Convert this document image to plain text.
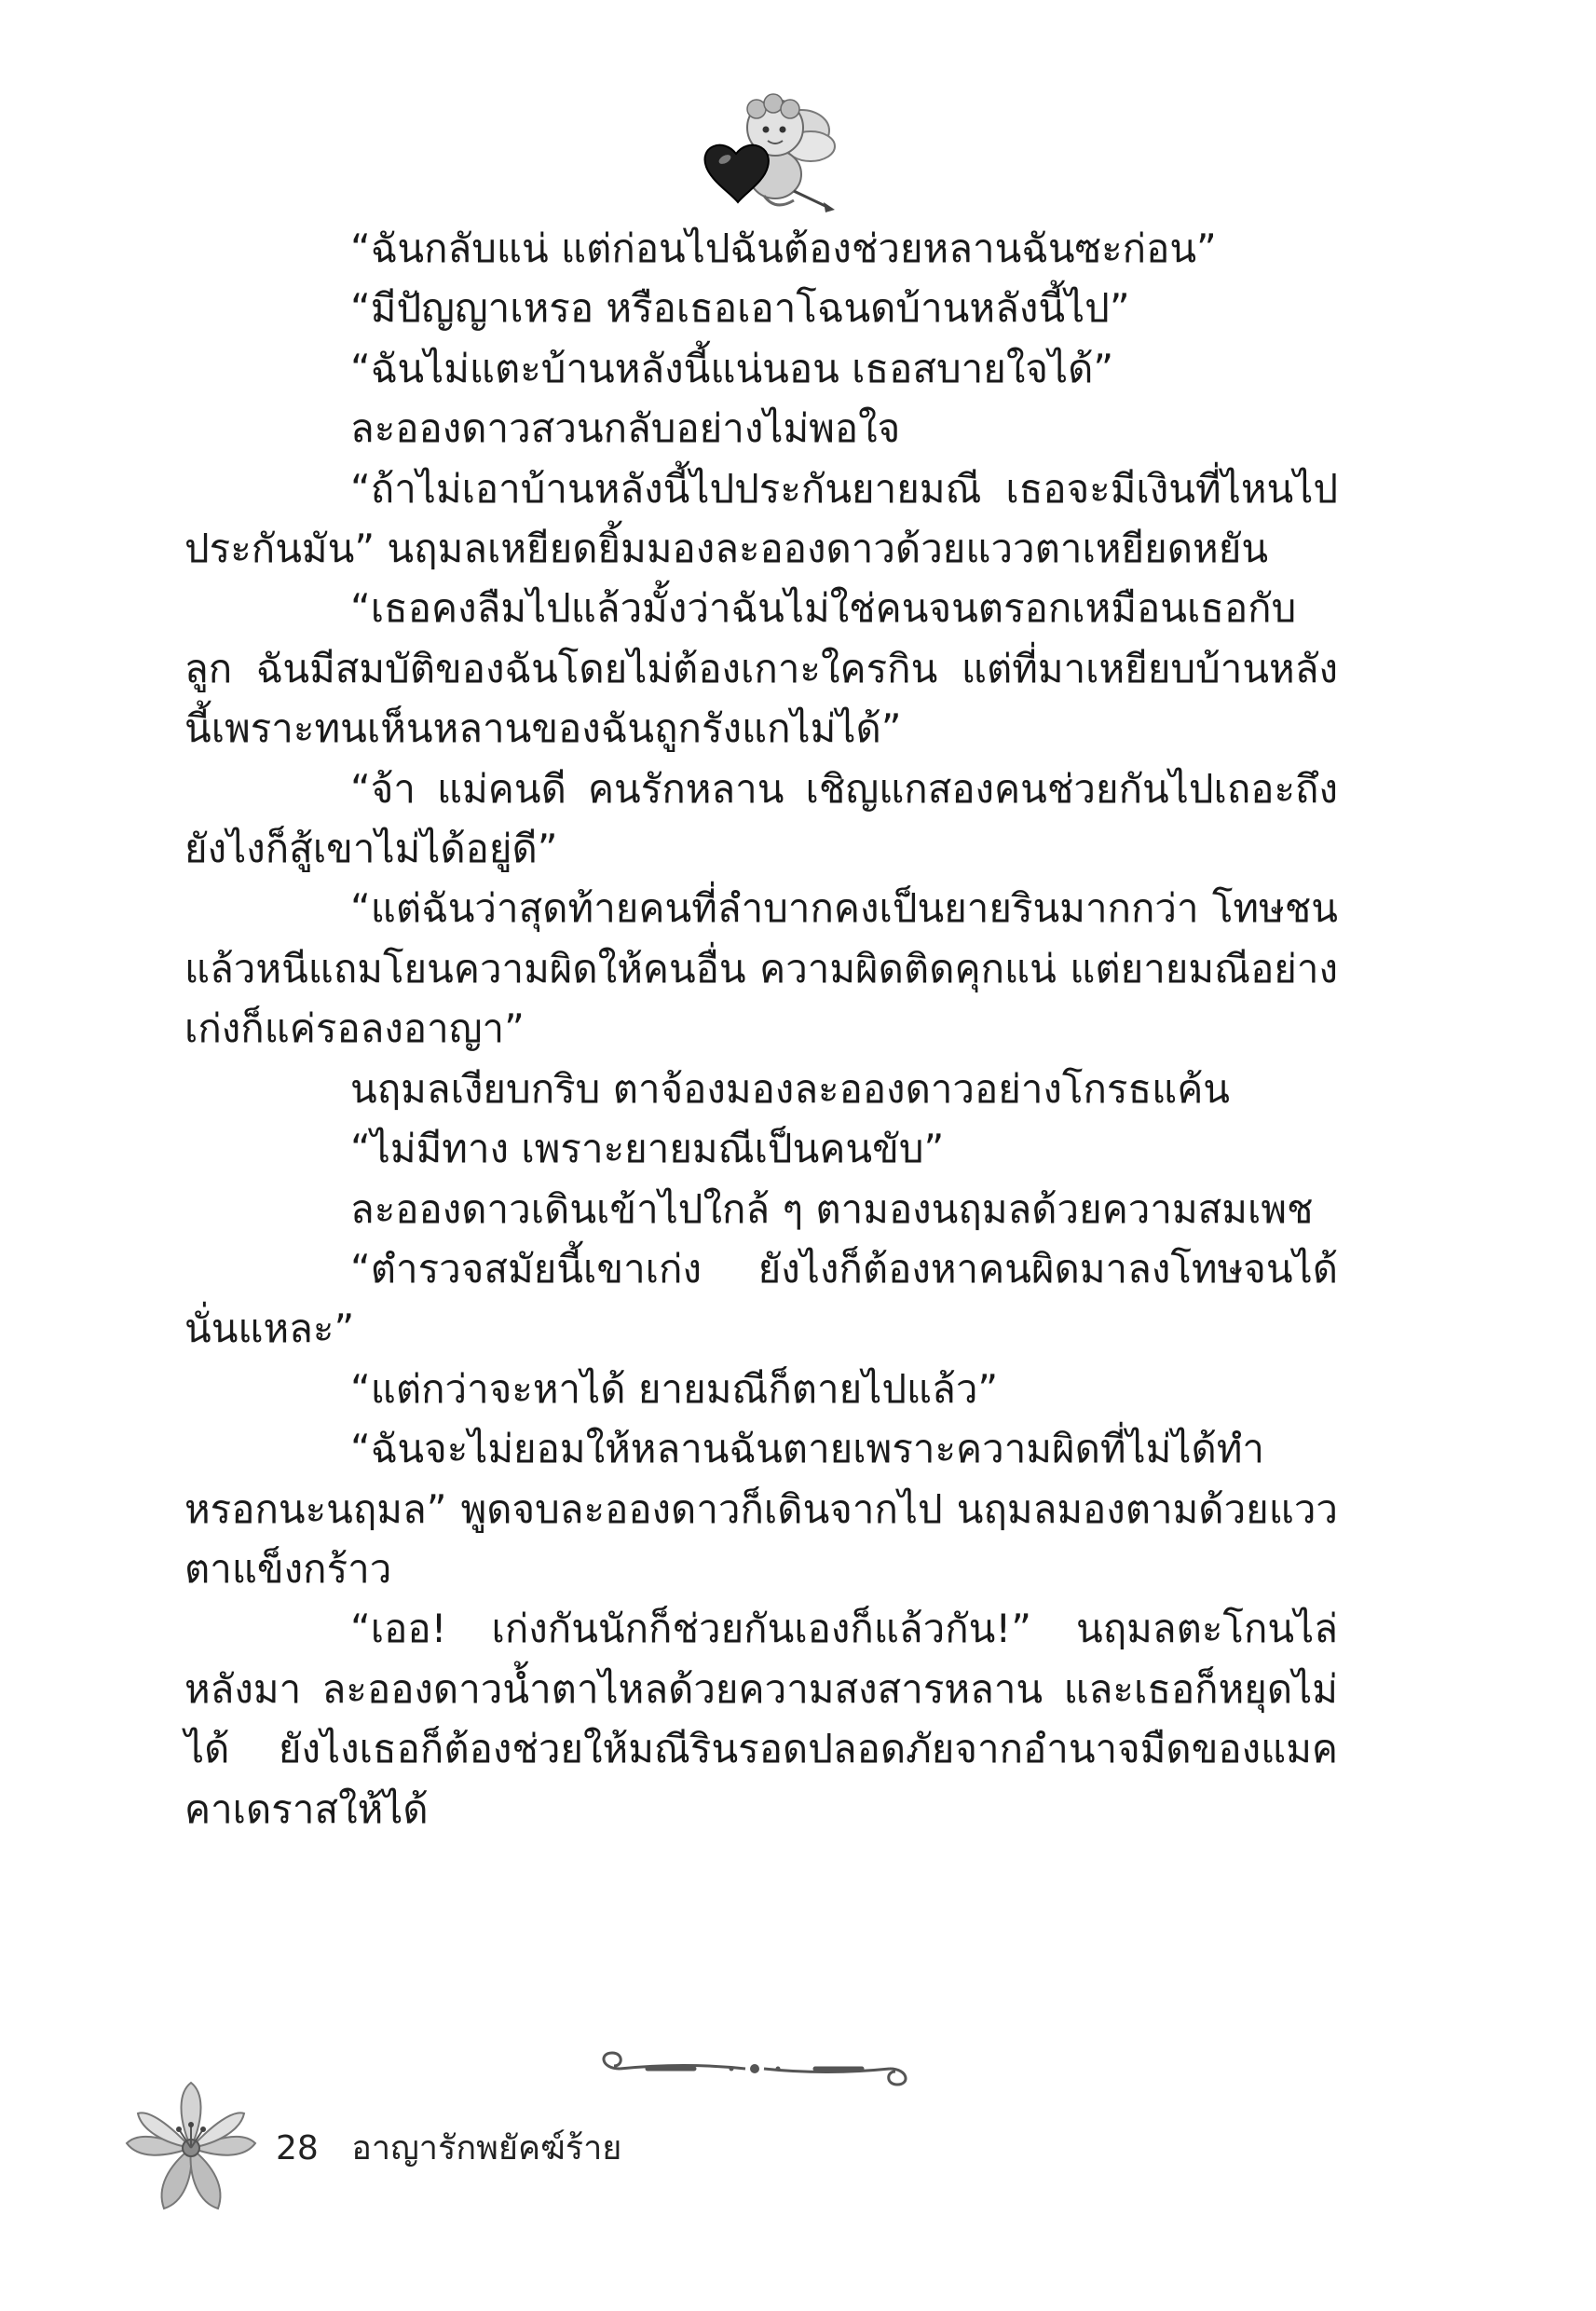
“ฉันกลับแน่ แต่ก่อนไปฉันต้องช่วยหลานฉันซะก่อน”

“มีปัญญาเหรอ หรือเธอเอาโฉนดบ้านหลังนี้ไป”

“ฉันไม่แตะบ้านหลังนี้แน่นอน เธอสบายใจได้”

ละอองดาวสวนกลับอย่างไม่พอใจ

“ถ้าไม่เอาบ้านหลังนี้ไปประกันยายมณี เธอจะมีเงินที่ไหนไปประกันมัน” นฤมลเหยียดยิ้มมองละอองดาวด้วยแววตาเหยียดหยัน

“เธอคงลืมไปแล้วมั้งว่าฉันไม่ใช่คนจนตรอกเหมือนเธอกับลูก ฉันมีสมบัติของฉันโดยไม่ต้องเกาะใครกิน แต่ที่มาเหยียบบ้านหลังนี้เพราะทนเห็นหลานของฉันถูกรังแกไม่ได้”

“จ้า แม่คนดี คนรักหลาน เชิญแกสองคนช่วยกันไปเถอะถึงยังไงก็สู้เขาไม่ได้อยู่ดี”

“แต่ฉันว่าสุดท้ายคนที่ลำบากคงเป็นยายรินมากกว่า โทษชนแล้วหนีแถมโยนความผิดให้คนอื่น ความผิดติดคุกแน่ แต่ยายมณีอย่างเก่งก็แค่รอลงอาญา”

นฤมลเงียบกริบ ตาจ้องมองละอองดาวอย่างโกรธแค้น

“ไม่มีทาง เพราะยายมณีเป็นคนขับ”

ละอองดาวเดินเข้าไปใกล้ ๆ ตามองนฤมลด้วยความสมเพช

“ตำรวจสมัยนี้เขาเก่ง ยังไงก็ต้องหาคนผิดมาลงโทษจนได้นั่นแหละ”

“แต่กว่าจะหาได้ ยายมณีก็ตายไปแล้ว”

“ฉันจะไม่ยอมให้หลานฉันตายเพราะความผิดที่ไม่ได้ทำหรอกนะนฤมล” พูดจบละอองดาวก็เดินจากไป นฤมลมองตามด้วยแววตาแข็งกร้าว

“เออ! เก่งกันนักก็ช่วยกันเองก็แล้วกัน!” นฤมลตะโกนไล่หลังมา ละอองดาวน้ำตาไหลด้วยความสงสารหลาน และเธอก็หยุดไม่ได้ ยังไงเธอก็ต้องช่วยให้มณีรินรอดปลอดภัยจากอำนาจมืดของแมคคาเดราสให้ได้

28 อาญารักพยัคฆ์ร้าย
